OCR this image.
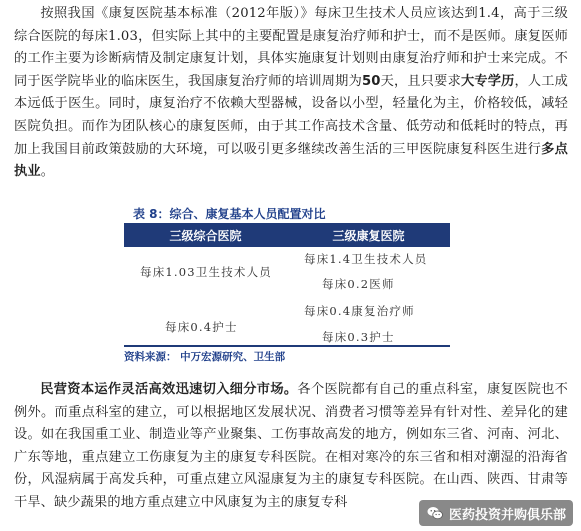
按照我国《康复医院基本标准（2012年版）》每床卫生技术人员应该达到1.4，高于三级综合医院的每床1.03，但实际上其中的主要配置是康复治疗师和护士，而不是医师。康复医师的工作主要为诊断病情及制定康复计划，具体实施康复计划则由康复治疗师和护士来完成。不同于医学院毕业的临床医生，我国康复治疗师的培训周期为50天，且只要求大专学历，人工成本远低于医生。同时，康复治疗不依赖大型器械，设备以小型，轻量化为主，价格较低，减轻医院负担。而作为团队核心的康复医师，由于其工作高技术含量、低劳动和低耗时的特点，再加上我国目前政策鼓励的大环境，可以吸引更多继续改善生活的三甲医院康复科医生进行多点执业。

表 8：综合、康复基本人员配置对比
三级综合医院	三级康复医院
每床1.03卫生技术人员
每床0.4护士
每床1.4卫生技术人员
每床0.2医师
每床0.4康复治疗师
每床0.3护士
资料来源： 中万宏源研究、卫生部

民营资本运作灵活高效迅速切入细分市场。各个医院都有自己的重点科室，康复医院也不例外。而重点科室的建立，可以根据地区发展状况、消费者习惯等差异有针对性、差异化的建设。如在我国重工业、制造业等产业聚集、工伤事故高发的地方，例如东三省、河南、河北、广东等地，重点建立工伤康复为主的康复专科医院。在相对寒冷的东三省和相对潮湿的沿海省份，风湿病属于高发兵种，可重点建立风湿康复为主的康复专科医院。在山西、陕西、甘肃等干旱、缺少蔬果的地方重点建立中风康复为主的康复专科

医药投资并购俱乐部
